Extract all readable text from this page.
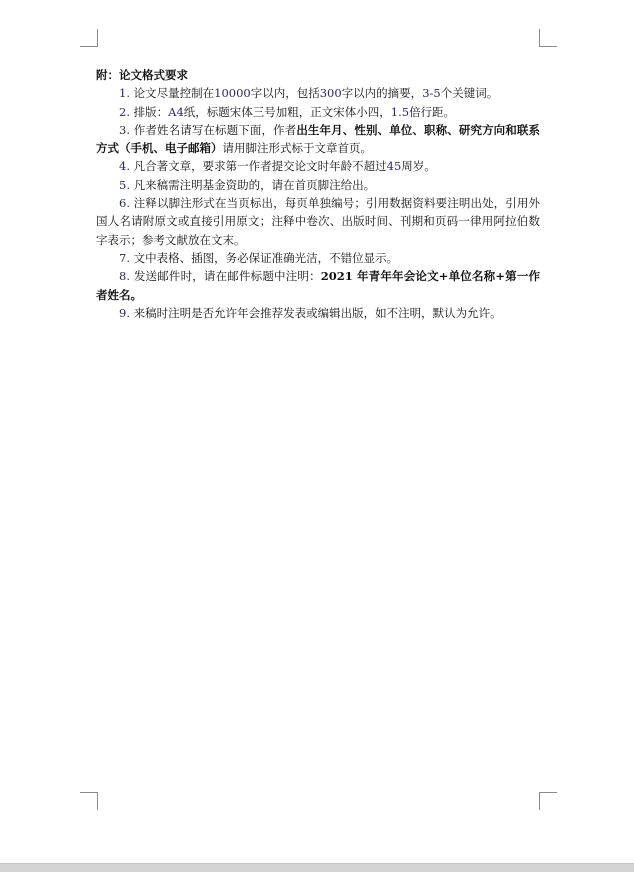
附：论文格式要求
1. 论文尽量控制在10000字以内，包括300字以内的摘要，3-5个关键词。
2. 排版：A4纸，标题宋体三号加粗，正文宋体小四，1.5倍行距。
3. 作者姓名请写在标题下面，作者出生年月、性别、单位、职称、研究方向和联系方式（手机、电子邮箱）请用脚注形式标于文章首页。
4. 凡合著文章，要求第一作者提交论文时年龄不超过45周岁。
5. 凡来稿需注明基金资助的，请在首页脚注给出。
6. 注释以脚注形式在当页标出，每页单独编号；引用数据资料要注明出处，引用外国人名请附原文或直接引用原文；注释中卷次、出版时间、刊期和页码一律用阿拉伯数字表示；参考文献放在文末。
7. 文中表格、插图，务必保证准确光洁，不错位显示。
8. 发送邮件时，请在邮件标题中注明：2021 年青年年会论文+单位名称+第一作者姓名。
9. 来稿时注明是否允许年会推荐发表或编辑出版，如不注明，默认为允许。
